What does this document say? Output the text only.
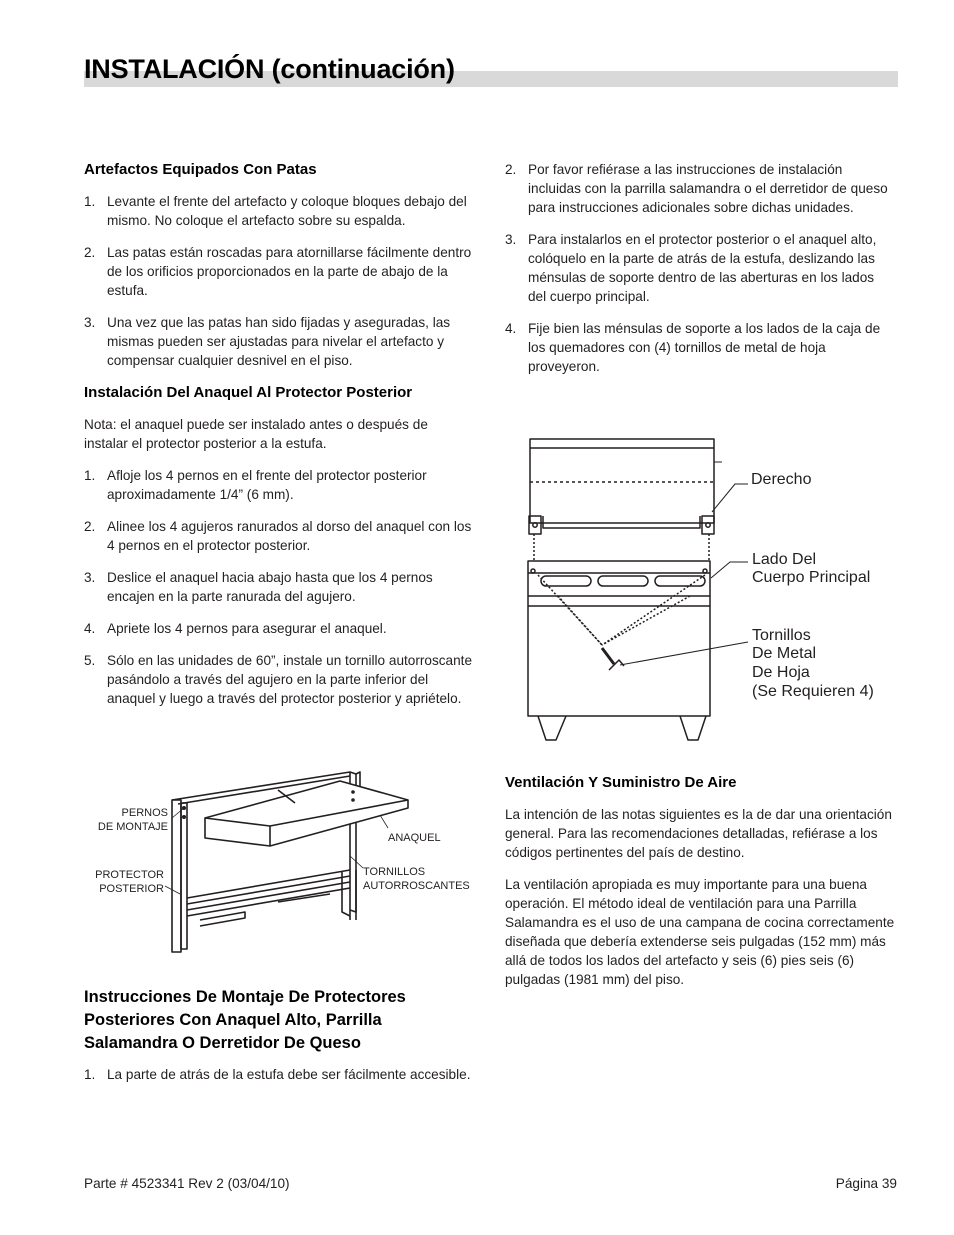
INSTALACIÓN (continuación)
Artefactos Equipados Con Patas
1. Levante el frente del artefacto y coloque bloques debajo del mismo. No coloque el artefacto sobre su espalda.
2. Las patas están roscadas para atornillarse fácilmente dentro de los orificios proporcionados en la parte de abajo de la estufa.
3. Una vez que las patas han sido fijadas y aseguradas, las mismas pueden ser ajustadas para nivelar el artefacto y compensar cualquier desnivel en el piso.
Instalación Del Anaquel Al Protector Posterior

Nota: el anaquel puede ser instalado antes o después de instalar el protector posterior a la estufa.

1. Afloje los 4 pernos en el frente del protector posterior aproximadamente 1/4” (6 mm).
2. Alinee los 4 agujeros ranurados al dorso del anaquel con los 4 pernos en el protector posterior.
3. Deslice el anaquel hacia abajo hasta que los 4 pernos encajen en la parte ranurada del agujero.
4. Apriete los 4 pernos para asegurar el anaquel.
5. Sólo en las unidades de 60”, instale un tornillo autorroscante pasándolo a través del agujero en la parte inferior del anaquel y luego a través del protector posterior y apriételo.
PERNOS
DE MONTAJE
PROTECTOR
POSTERIOR
ANAQUEL
TORNILLOS
AUTORROSCANTES
Instrucciones De Montaje De Protectores
Posteriores Con Anaquel Alto, Parrilla
Salamandra O Derretidor De Queso
1. La parte de atrás de la estufa debe ser fácilmente accesible.
2. Por favor refiérase a las instrucciones de instalación incluidas con la parrilla salamandra o el derretidor de queso para instrucciones adicionales sobre dichas unidades.
3. Para instalarlos en el protector posterior o el anaquel alto, colóquelo en la parte de atrás de la estufa, deslizando las ménsulas de soporte dentro de las aberturas en los lados del cuerpo principal.
4. Fije bien las ménsulas de soporte a los lados de la caja de los quemadores con (4) tornillos de metal de hoja proveyeron.
Derecho
Lado Del
Cuerpo Principal
Tornillos
De Metal
De Hoja
(Se Requieren 4)
Ventilación Y Suministro De Aire

La intención de las notas siguientes es la de dar una orientación general. Para las recomendaciones detalladas, refiérase a los códigos pertinentes del país de destino.

La ventilación apropiada es muy importante para una buena operación. El método ideal de ventilación para una Parrilla Salamandra es el uso de una campana de cocina correctamente diseñada que debería extenderse seis pulgadas (152 mm) más allá de todos los lados del artefacto y seis (6) pies seis (6) pulgadas (1981 mm) del piso.

Parte # 4523341 Rev 2 (03/04/10)	Página 39
